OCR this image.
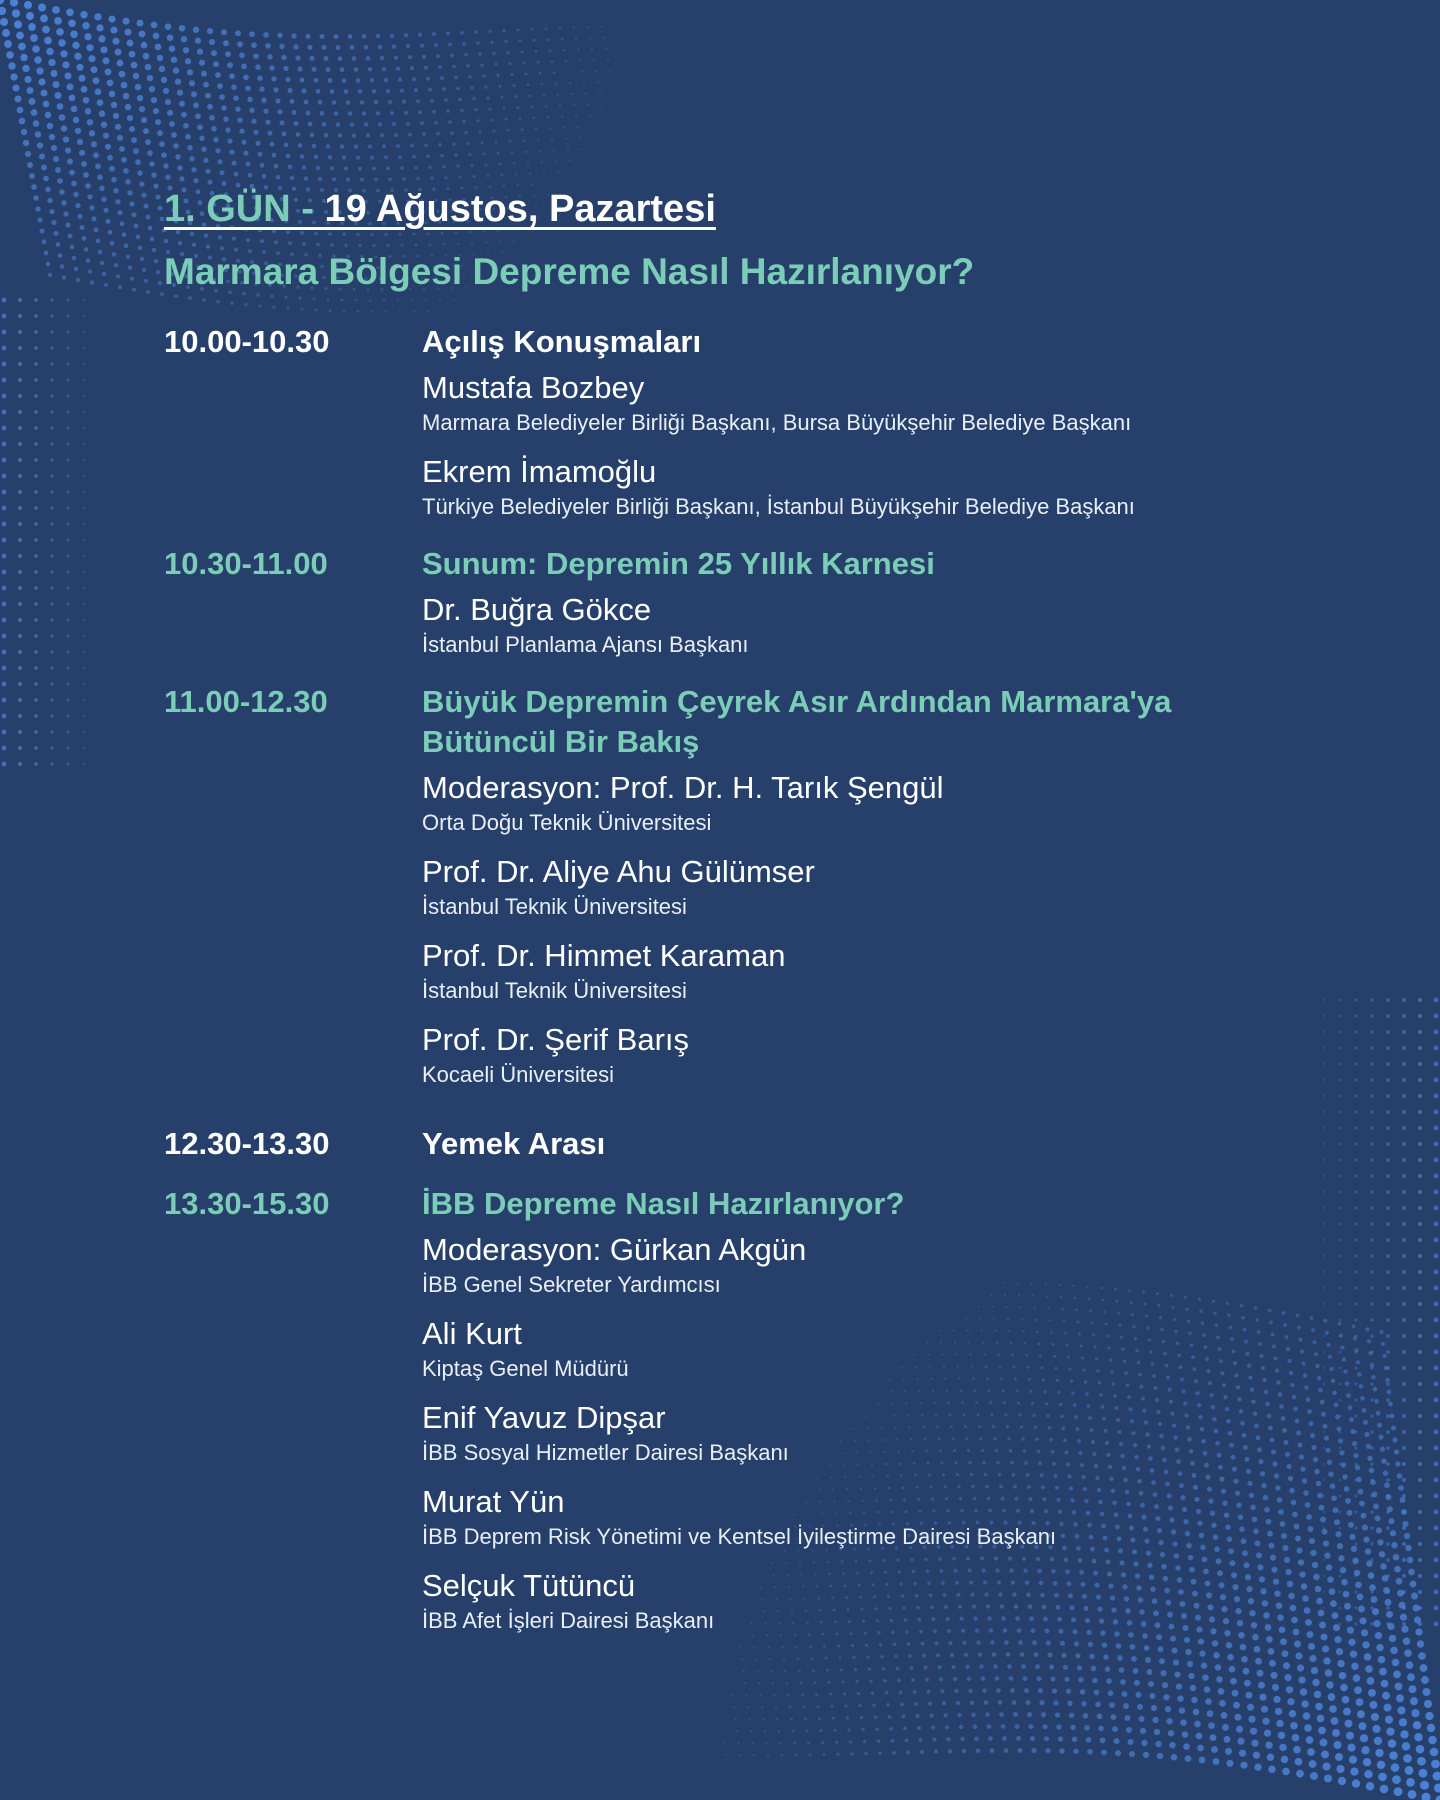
1. GÜN - 19 Ağustos, Pazartesi
Marmara Bölgesi Depreme Nasıl Hazırlanıyor?
10.00-10.30	Açılış Konuşmaları
Mustafa Bozbey
Marmara Belediyeler Birliği Başkanı, Bursa Büyükşehir Belediye Başkanı
Ekrem İmamoğlu
Türkiye Belediyeler Birliği Başkanı, İstanbul Büyükşehir Belediye Başkanı
10.30-11.00	Sunum: Depremin 25 Yıllık Karnesi
Dr. Buğra Gökce
İstanbul Planlama Ajansı Başkanı
11.00-12.30	Büyük Depremin Çeyrek Asır Ardından Marmara'ya Bütüncül Bir Bakış
Moderasyon: Prof. Dr. H. Tarık Şengül
Orta Doğu Teknik Üniversitesi
Prof. Dr. Aliye Ahu Gülümser
İstanbul Teknik Üniversitesi
Prof. Dr. Himmet Karaman
İstanbul Teknik Üniversitesi
Prof. Dr. Şerif Barış
Kocaeli Üniversitesi
12.30-13.30	Yemek Arası
13.30-15.30	İBB Depreme Nasıl Hazırlanıyor?
Moderasyon: Gürkan Akgün
İBB Genel Sekreter Yardımcısı
Ali Kurt
Kiptaş Genel Müdürü
Enif Yavuz Dipşar
İBB Sosyal Hizmetler Dairesi Başkanı
Murat Yün
İBB Deprem Risk Yönetimi ve Kentsel İyileştirme Dairesi Başkanı
Selçuk Tütüncü
İBB Afet İşleri Dairesi Başkanı
